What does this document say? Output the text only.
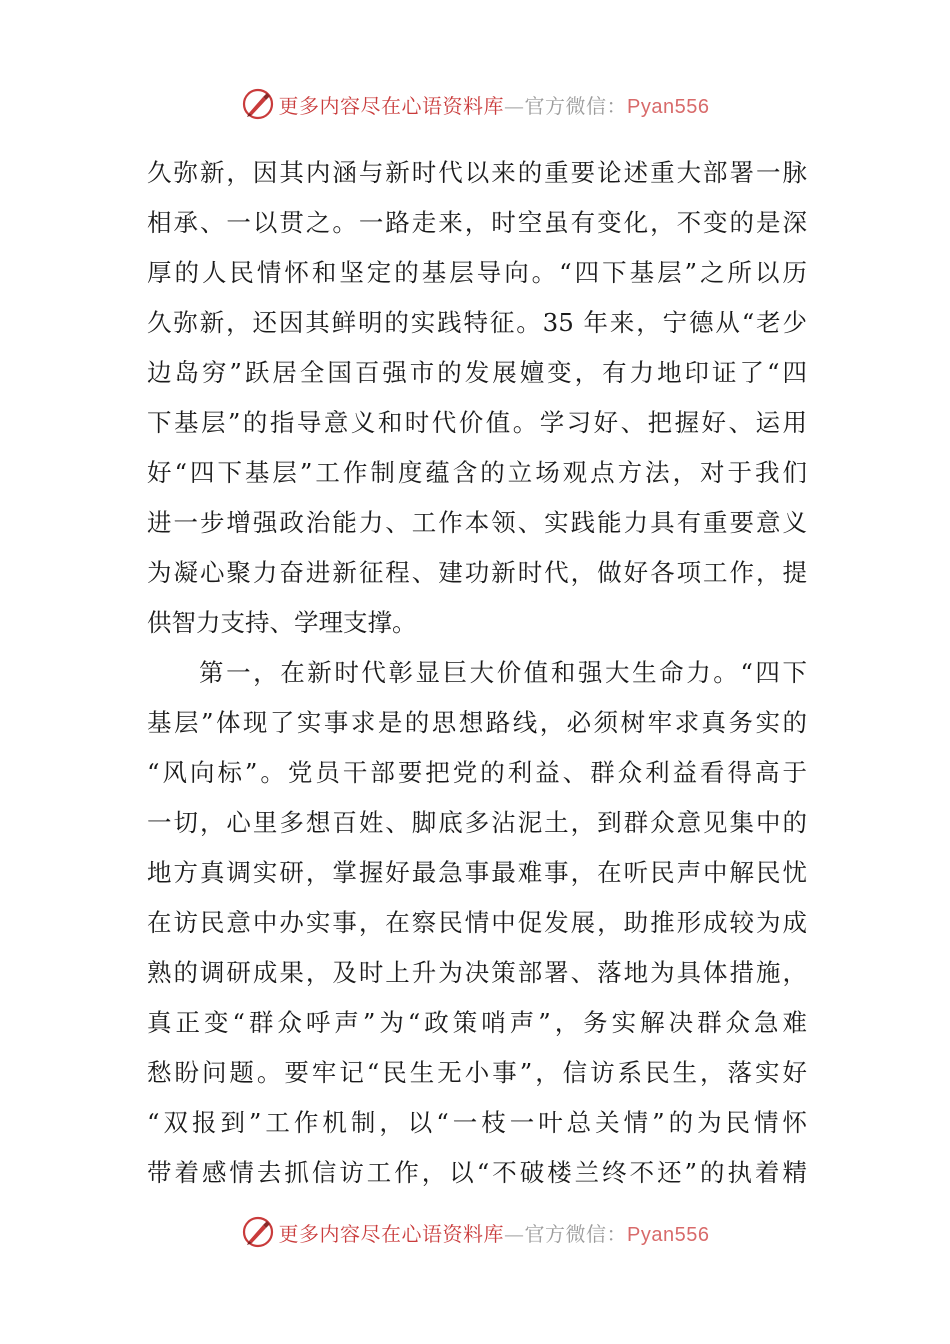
更多内容尽在心语资料库—官方微信：Pyan556
久弥新，因其内涵与新时代以来的重要论述重大部署一脉
相承、一以贯之。一路走来，时空虽有变化，不变的是深
厚的人民情怀和坚定的基层导向。“四下基层”之所以历
久弥新，还因其鲜明的实践特征。35 年来，宁德从“老少
边岛穷”跃居全国百强市的发展嬗变，有力地印证了“四
下基层”的指导意义和时代价值。学习好、把握好、运用
好“四下基层”工作制度蕴含的立场观点方法，对于我们
进一步增强政治能力、工作本领、实践能力具有重要意义
为凝心聚力奋进新征程、建功新时代，做好各项工作，提
供智力支持、学理支撑。
第一，在新时代彰显巨大价值和强大生命力。“四下
基层”体现了实事求是的思想路线，必须树牢求真务实的
“风向标”。党员干部要把党的利益、群众利益看得高于
一切，心里多想百姓、脚底多沾泥土，到群众意见集中的
地方真调实研，掌握好最急事最难事，在听民声中解民忧
在访民意中办实事，在察民情中促发展，助推形成较为成
熟的调研成果，及时上升为决策部署、落地为具体措施，
真正变“群众呼声”为“政策哨声”，务实解决群众急难
愁盼问题。要牢记“民生无小事”，信访系民生，落实好
“双报到”工作机制，以“一枝一叶总关情”的为民情怀
带着感情去抓信访工作，以“不破楼兰终不还”的执着精
更多内容尽在心语资料库—官方微信：Pyan556
